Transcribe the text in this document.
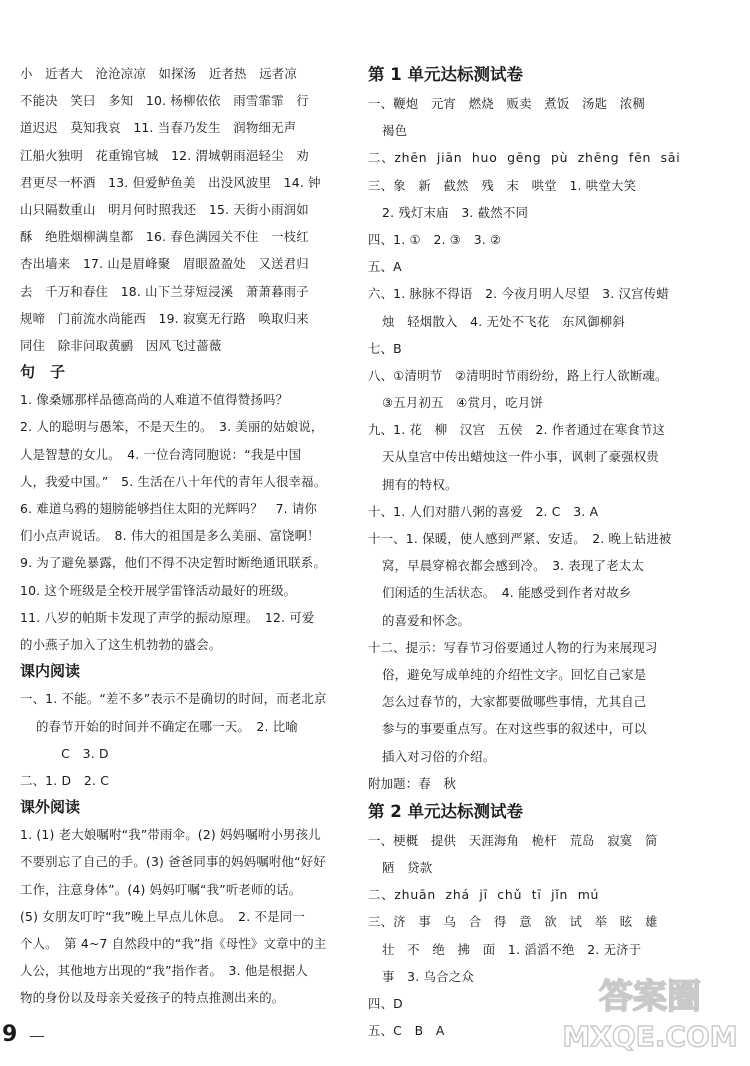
小　近者大　沧沧凉凉　如探汤　近者热　远者凉
不能决　笑曰　多知　10. 杨柳依依　雨雪霏霏　行
道迟迟　莫知我哀　11. 当春乃发生　润物细无声
江船火独明　花重锦官城　12. 渭城朝雨浥轻尘　劝
君更尽一杯酒　13. 但爱鲈鱼美　出没风波里　14. 钟
山只隔数重山　明月何时照我还　15. 天街小雨润如
酥　绝胜烟柳满皇都　16. 春色满园关不住　一枝红
杏出墙来　17. 山是眉峰聚　眉眼盈盈处　又送君归
去　千万和春住　18. 山下兰芽短浸溪　萧萧暮雨子
规啼　门前流水尚能西　19. 寂寞无行路　唤取归来
同住　除非问取黄鹂　因风飞过蔷薇
句　子
1. 像桑娜那样品德高尚的人难道不值得赞扬吗？
2. 人的聪明与愚笨，不是天生的。　3. 美丽的姑娘说，
人是智慧的女儿。　4. 一位台湾同胞说：“我是中国
人，我爱中国。”　5. 生活在八十年代的青年人很幸福。
6. 难道乌鸦的翅膀能够挡住太阳的光辉吗？　7. 请你
们小点声说话。　8. 伟大的祖国是多么美丽、富饶啊！
9. 为了避免暴露，他们不得不决定暂时断绝通讯联系。
10. 这个班级是全校开展学雷锋活动最好的班级。
11. 八岁的帕斯卡发现了声学的振动原理。　12. 可爱
的小燕子加入了这生机勃勃的盛会。
课内阅读
一、1. 不能。“差不多”表示不是确切的时间，而老北京
的春节开始的时间并不确定在哪一天。　2. 比喻
　　C　3. D
二、1. D　2. C
课外阅读
1. (1) 老大娘嘱咐“我”带雨伞。(2) 妈妈嘱咐小男孩儿
不要别忘了自己的手。(3) 爸爸同事的妈妈嘱咐他“好好
工作，注意身体”。(4) 妈妈叮嘱“我”听老师的话。
(5) 女朋友叮咛“我”晚上早点儿休息。　2. 不是同一
个人。　第 4~7 自然段中的“我”指《母性》文章中的主
人公，其他地方出现的“我”指作者。　3. 他是根据人
物的身份以及母亲关爱孩子的特点推测出来的。
第 1 单元达标测试卷
一、鞭炮　元宵　燃烧　贩卖　煮饭　汤匙　浓稠
褐色
二、zhēn  jiān  huo  gēng  pù  zhēng  fēn  sāi
三、象　新　截然　残　末　哄堂　1. 哄堂大笑
2. 残灯末庙　3. 截然不同
四、1. ①　2. ③　3. ②
五、A
六、1. 脉脉不得语　2. 今夜月明人尽望　3. 汉宫传蜡
烛　轻烟散入　4. 无处不飞花　东风御柳斜
七、B
八、①清明节　②清明时节雨纷纷，路上行人欲断魂。
③五月初五　④赏月，吃月饼
九、1. 花　柳　汉宫　五侯　2. 作者通过在寒食节这
天从皇宫中传出蜡烛这一件小事，讽刺了豪强权贵
拥有的特权。
十、1. 人们对腊八粥的喜爱　2. C　3. A
十一、1. 保暖，使人感到严紧、安适。　2. 晚上钻进被
窝，早晨穿棉衣都会感到冷。　3. 表现了老太太
们闲适的生活状态。　4. 能感受到作者对故乡
的喜爱和怀念。
十二、提示：写春节习俗要通过人物的行为来展现习
俗，避免写成单纯的介绍性文字。回忆自己家是
怎么过春节的，大家都要做哪些事情，尤其自己
参与的事要重点写。在对这些事的叙述中，可以
插入对习俗的介绍。
附加题：春　秋
第 2 单元达标测试卷
一、梗概　提供　天涯海角　桅杆　荒岛　寂寞　简
陋　贷款
二、zhuān  zhá  jī  chǔ  tī  jǐn  mú
三、济　事　乌　合　得　意　欲　试　举　眩　雄
壮　不　绝　拂　面　1. 滔滔不绝　2. 无济于
事　3. 乌合之众
四、D
五、C　B　A
9
答案圈
MXQE.COM
